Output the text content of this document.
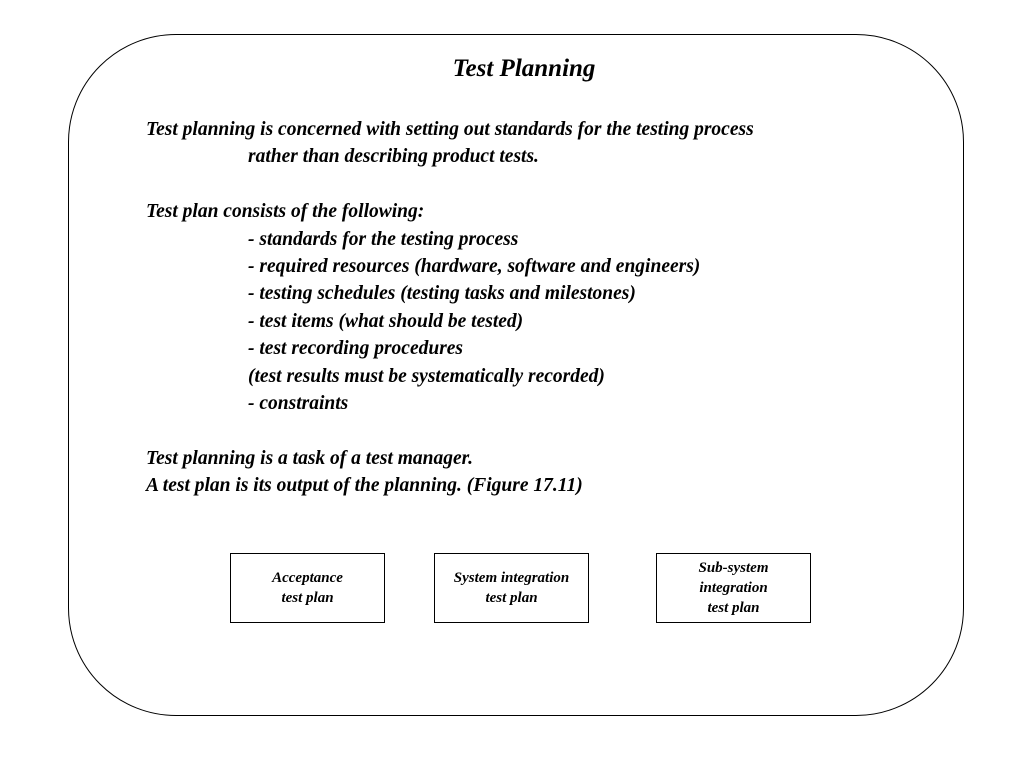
Test Planning
Test planning is concerned with setting out standards for the testing process
rather than describing product tests.
Test plan consists of the following:
- standards for the testing process
- required resources (hardware, software and engineers)
- testing schedules (testing tasks and milestones)
- test items (what should be tested)
- test recording procedures
(test results must be systematically recorded)
- constraints
Test planning is a task of a test manager.
A test plan is its output of the planning. (Figure 17.11)
Acceptance
test plan
System integration
test plan
Sub-system
integration
test plan
